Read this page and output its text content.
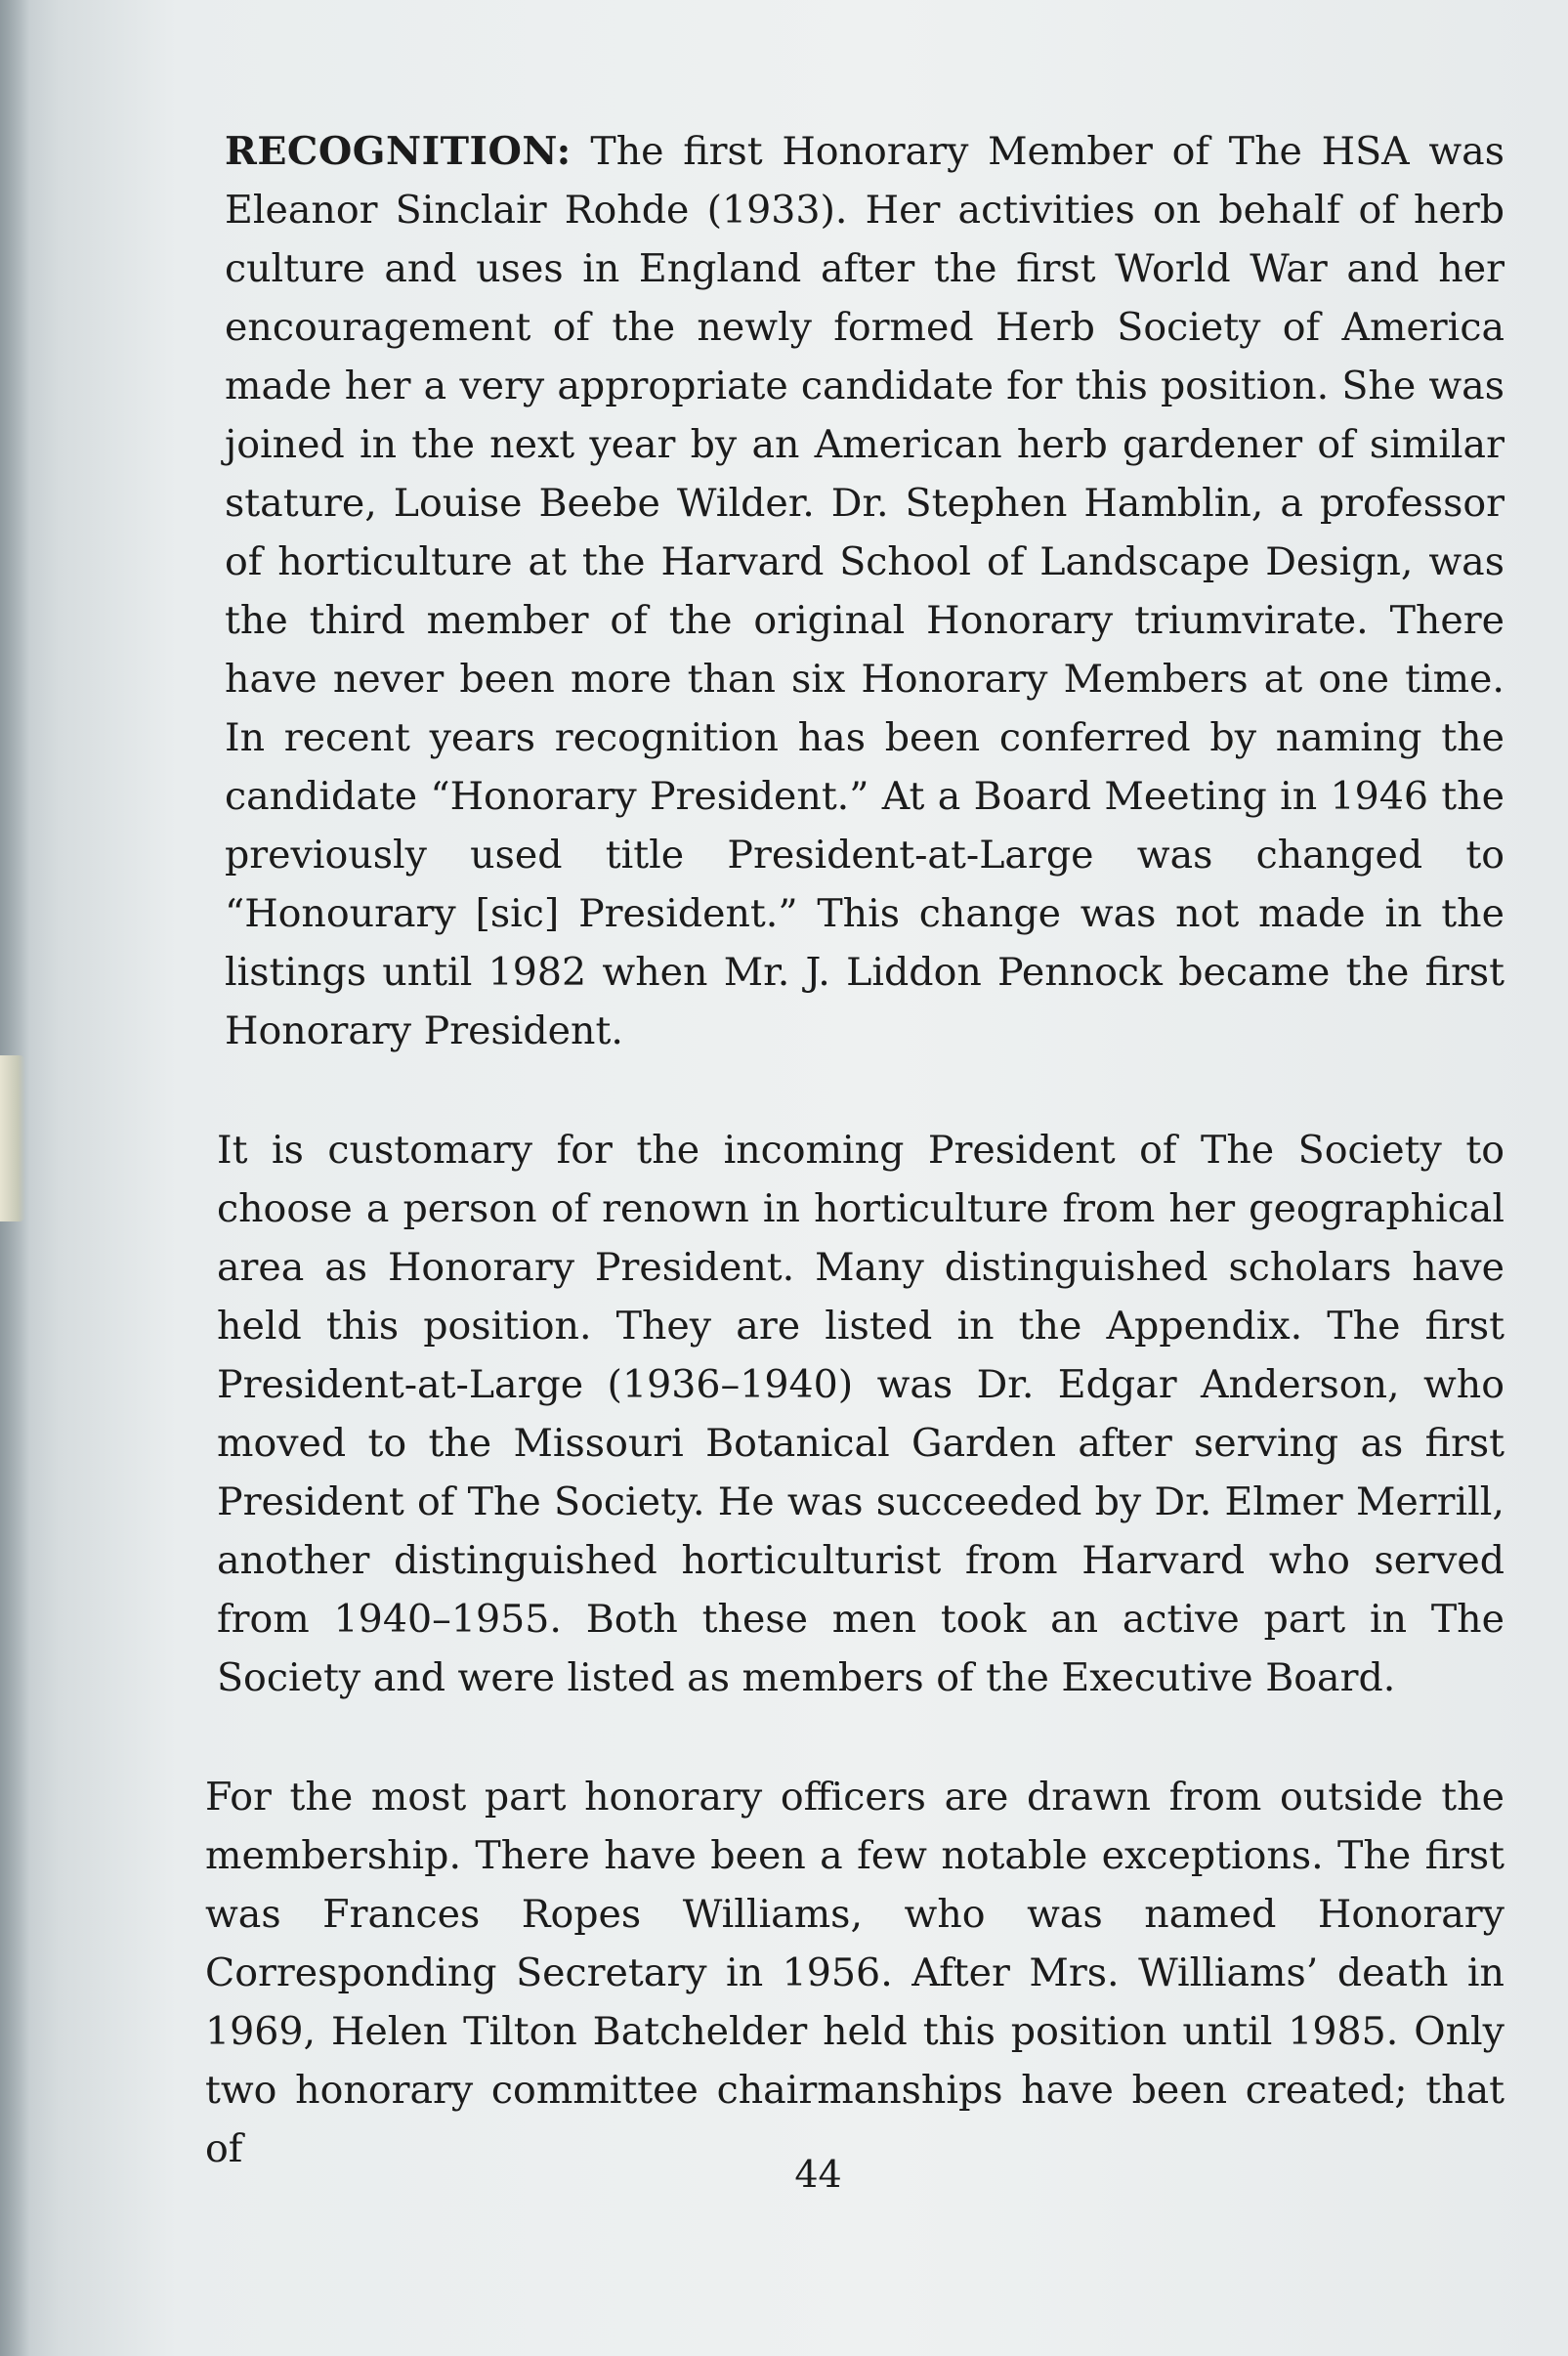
RECOGNITION: The first Honorary Member of The HSA was Eleanor Sinclair Rohde (1933). Her activities on behalf of herb culture and uses in England after the first World War and her encouragement of the newly formed Herb Society of America made her a very appropriate candidate for this position. She was joined in the next year by an American herb gardener of similar stature, Louise Beebe Wilder. Dr. Stephen Hamblin, a professor of horticulture at the Harvard School of Landscape Design, was the third member of the original Honorary triumvirate. There have never been more than six Honorary Members at one time. In recent years recognition has been conferred by naming the candidate “Honorary President.” At a Board Meeting in 1946 the previously used title President-at-Large was changed to “Honourary [sic] President.” This change was not made in the listings until 1982 when Mr. J. Liddon Pennock became the first Honorary President.

It is customary for the incoming President of The Society to choose a person of renown in horticulture from her geographical area as Honorary President. Many distinguished scholars have held this position. They are listed in the Appendix. The first President-at-Large (1936–1940) was Dr. Edgar Anderson, who moved to the Missouri Botanical Garden after serving as first President of The Society. He was succeeded by Dr. Elmer Merrill, another distinguished horticulturist from Harvard who served from 1940–1955. Both these men took an active part in The Society and were listed as members of the Executive Board.

For the most part honorary officers are drawn from outside the membership. There have been a few notable exceptions. The first was Frances Ropes Williams, who was named Honorary Corresponding Secretary in 1956. After Mrs. Williams’ death in 1969, Helen Tilton Batchelder held this position until 1985. Only two honorary committee chairmanships have been created; that of

44
